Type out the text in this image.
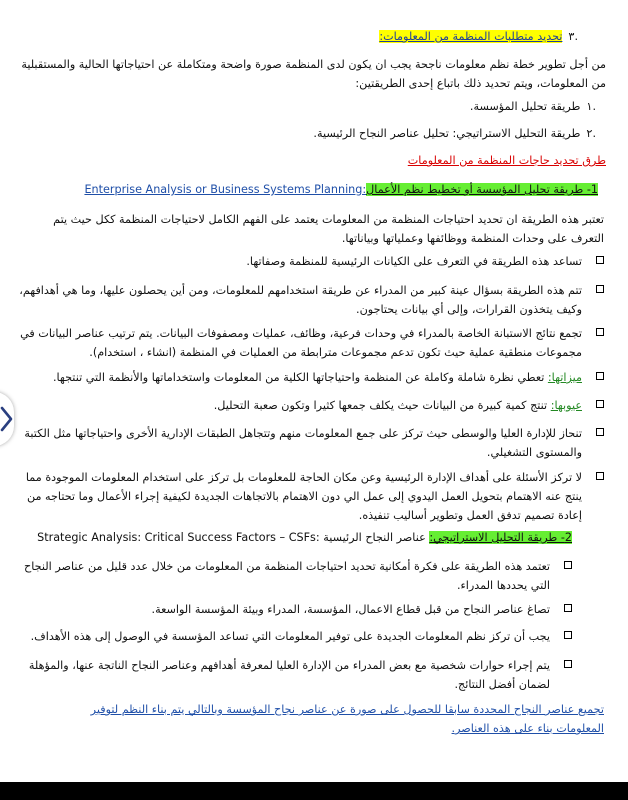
.٣تحديد متطلبات المنظمة من المعلومات:
من أجل تطوير خطة نظم معلومات ناجحة يجب ان يكون لدى المنظمة صورة واضحة ومتكاملة عن احتياجاتها الحالية والمستقبلية من المعلومات، ويتم تحديد ذلك باتباع إحدى الطريقتين:
.١طريقة تحليل المؤسسة.
.٢طريقة التحليل الاستراتيجي: تحليل عناصر النجاح الرئيسية.
طرق تحديد حاجات المنظمة من المعلومات
1- طريقة تحليل المؤسسة أو تخطيط نظم الأعمالEnterprise Analysis or Business Systems Planning:
تعتبر هذه الطريقة ان تحديد احتياجات المنظمة من المعلومات يعتمد على الفهم الكامل لاحتياجات المنظمة ككل حيث يتم التعرف على وحدات المنظمة ووظائفها وعملياتها وبياناتها.
تساعد هذه الطريقة في التعرف على الكيانات الرئيسية للمنظمة وصفاتها.
تتم هذه الطريقة بسؤال عينة كبير من المدراء عن طريقة استخدامهم للمعلومات، ومن أين يحصلون عليها، وما هي أهدافهم، وكيف يتخذون القرارات، وإلى أي بيانات يحتاجون.
تجمع نتائج الاستبانة الخاصة بالمدراء في وحدات فرعية، وظائف، عمليات ومصفوفات البيانات. يتم ترتيب عناصر البيانات في مجموعات منطقية عملية حيث تكون تدعم مجموعات مترابطة من العمليات في المنظمة (انشاء ، استخدام).
ميزاتها: تعطي نظرة شاملة وكاملة عن المنظمة واحتياجاتها الكلية من المعلومات واستخداماتها والأنظمة التي تنتجها.
عيوبها: تنتج كمية كبيرة من البيانات حيث يكلف جمعها كثيرا وتكون صعبة التحليل.
تنحاز للإدارة العليا والوسطى حيث تركز على جمع المعلومات منهم وتتجاهل الطبقات الإدارية الأخرى واحتياجاتها مثل الكتبة والمستوى التشغيلي.
لا تركز الأسئلة على أهداف الإدارة الرئيسية وعن مكان الحاجة للمعلومات بل تركز على استخدام المعلومات الموجودة مما ينتج عنه الاهتمام بتحويل العمل اليدوي إلى عمل الي دون الاهتمام بالاتجاهات الجديدة لكيفية إجراء الأعمال وما تحتاجه من إعادة تصميم تدفق العمل وتطوير أساليب تنفيذه.
2- طريقة التحليل الاستراتيجي: عناصر النجاح الرئيسية Strategic Analysis: Critical Success Factors – CSFs:
تعتمد هذه الطريقة على فكرة أمكانية تحديد احتياجات المنظمة من المعلومات من خلال عدد قليل من عناصر النجاح التي يحددها المدراء.
تصاغ عناصر النجاح من قبل قطاع الاعمال، المؤسسة، المدراء وبيئة المؤسسة الواسعة.
يجب أن تركز نظم المعلومات الجديدة على توفير المعلومات التي تساعد المؤسسة في الوصول إلى هذه الأهداف.
يتم إجراء حوارات شخصية مع بعض المدراء من الإدارة العليا لمعرفة أهدافهم وعناصر النجاح الناتجة عنها، والمؤهلة لضمان أفضل النتائج.
تجميع عناصر النجاح المحددة سابقا للحصول على صورة عن عناصر نجاح المؤسسة وبالتالي يتم بناء النظم لتوفير المعلومات بناء على هذه العناصر.
